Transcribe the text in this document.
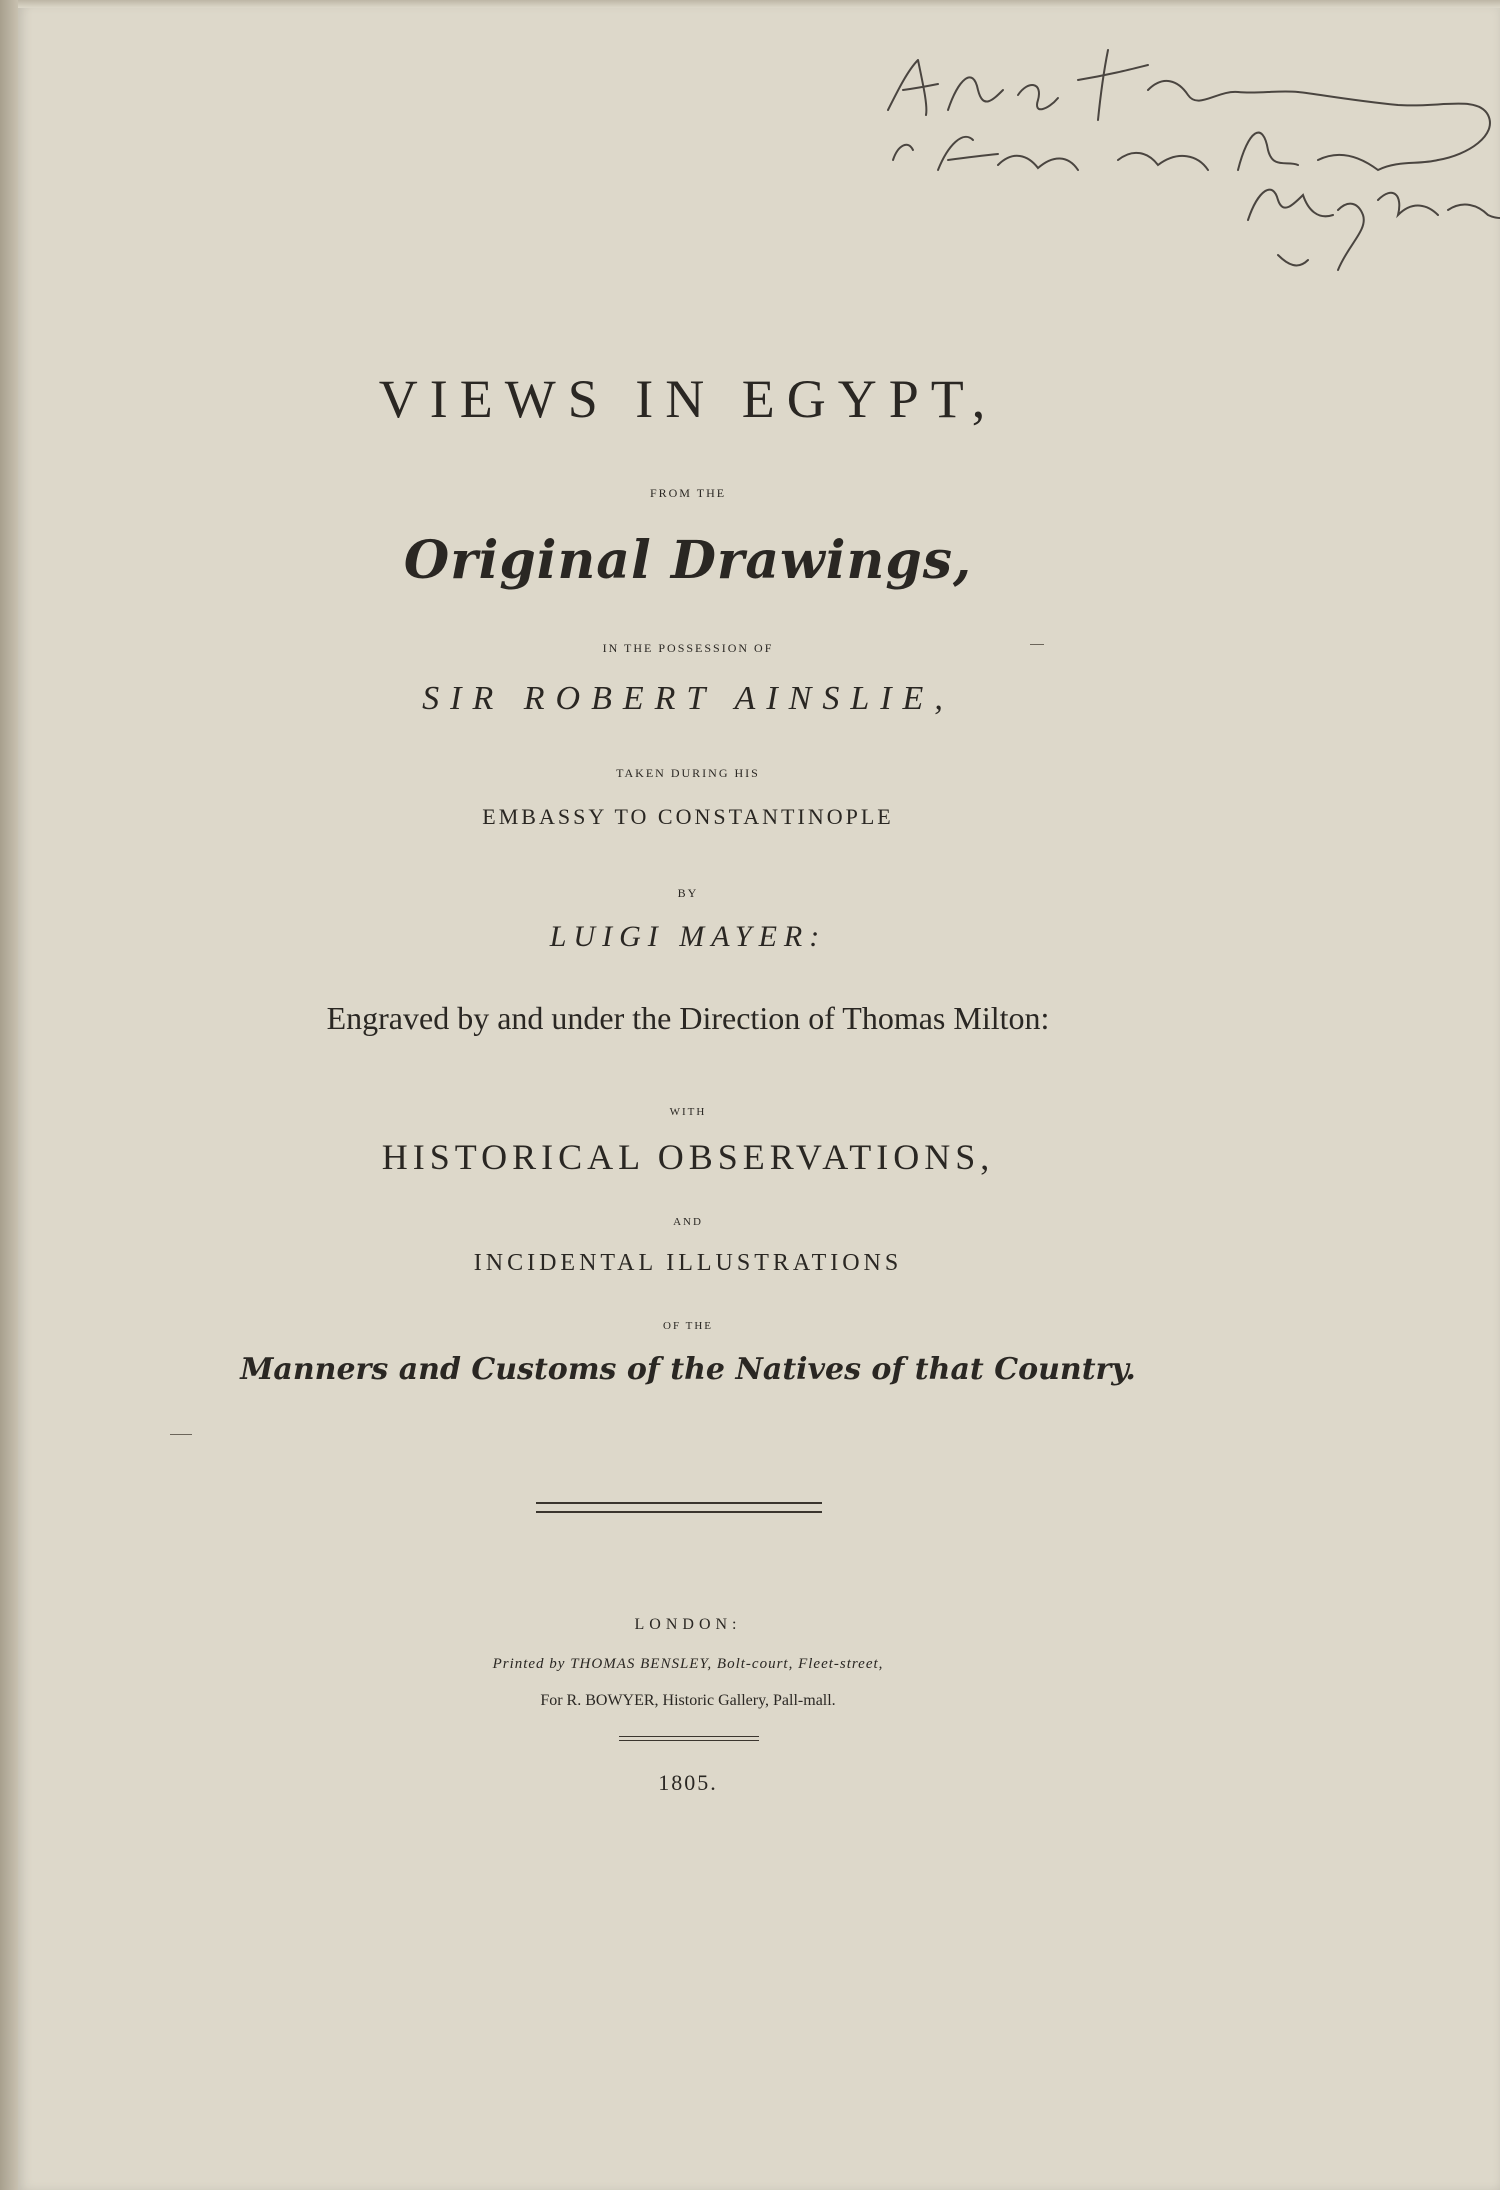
VIEWS IN EGYPT,
FROM THE
Original Drawings,
IN THE POSSESSION OF
SIR ROBERT AINSLIE,
TAKEN DURING HIS
EMBASSY TO CONSTANTINOPLE
BY
LUIGI MAYER:
Engraved by and under the Direction of Thomas Milton:
WITH
HISTORICAL OBSERVATIONS,
AND
INCIDENTAL ILLUSTRATIONS
OF THE
Manners and Customs of the Natives of that Country.
LONDON:
Printed by THOMAS BENSLEY, Bolt-court, Fleet-street,
For R. BOWYER, Historic Gallery, Pall-mall.
1805.
